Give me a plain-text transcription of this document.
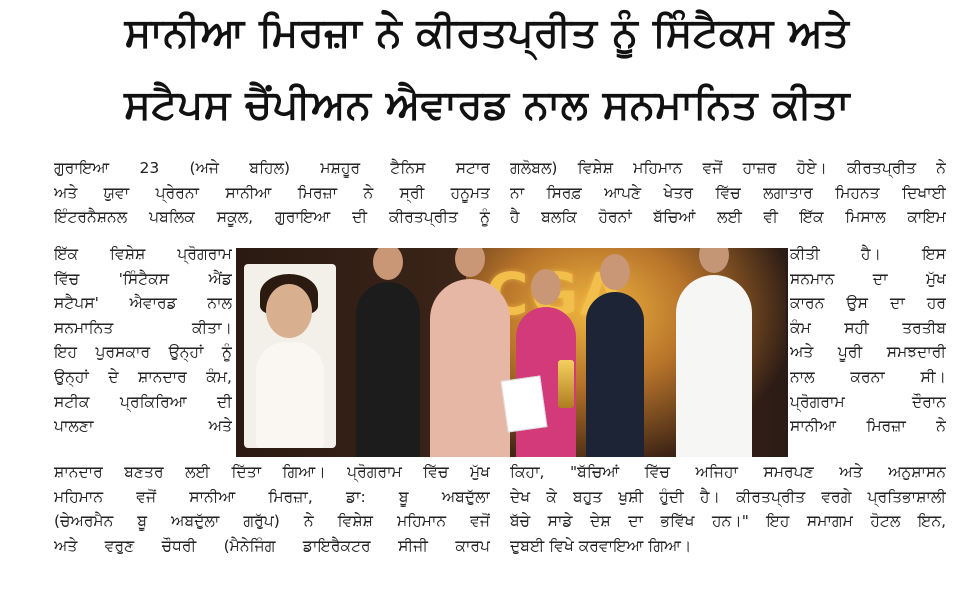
ਸਾਨੀਆ ਮਿਰਜ਼ਾ ਨੇ ਕੀਰਤਪ੍ਰੀਤ ਨੂੰ ਸਿੰਟੈਕਸ ਅਤੇ
ਸਟੈਪਸ ਚੈਂਪੀਅਨ ਐਵਾਰਡ ਨਾਲ ਸਨਮਾਨਿਤ ਕੀਤਾ
ਗੁਰਾਇਆ 23 (ਅਜੇ ਬਹਿਲ) ਮਸ਼ਹੂਰ ਟੈਨਿਸ ਸਟਾਰ
ਅਤੇ ਯੁਵਾ ਪ੍ਰੇਰਨਾ ਸਾਨੀਆ ਮਿਰਜ਼ਾ ਨੇ ਸ੍ਰੀ ਹਨੂਮਤ
ਇੰਟਰਨੈਸ਼ਨਲ ਪਬਲਿਕ ਸਕੂਲ, ਗੁਰਾਇਆ ਦੀ ਕੀਰਤਪ੍ਰੀਤ ਨੂੰ
ਇੱਕ ਵਿਸ਼ੇਸ਼ ਪ੍ਰੋਗਰਾਮ
ਵਿੱਚ 'ਸਿੰਟੈਕਸ ਐਂਡ
ਸਟੈਪਸ' ਐਵਾਰਡ ਨਾਲ
ਸਨਮਾਨਿਤ ਕੀਤਾ।
ਇਹ ਪੁਰਸਕਾਰ ਉਨ੍ਹਾਂ ਨੂੰ
ਉਨ੍ਹਾਂ ਦੇ ਸ਼ਾਨਦਾਰ ਕੰਮ,
ਸਟੀਕ ਪ੍ਰਕਿਰਿਆ ਦੀ
ਪਾਲਣਾ ਅਤੇ
ਸ਼ਾਨਦਾਰ ਬਣਤਰ ਲਈ ਦਿੱਤਾ ਗਿਆ। ਪ੍ਰੋਗਰਾਮ ਵਿੱਚ ਮੁੱਖ
ਮਹਿਮਾਨ ਵਜੋਂ ਸਾਨੀਆ ਮਿਰਜ਼ਾ, ਡਾ: ਬੂ ਅਬਦੁੱਲਾ
(ਚੇਅਰਮੈਨ ਬੂ ਅਬਦੁੱਲਾ ਗਰੁੱਪ) ਨੇ ਵਿਸ਼ੇਸ਼ ਮਹਿਮਾਨ ਵਜੋਂ
ਅਤੇ ਵਰੁਣ ਚੌਧਰੀ (ਮੈਨੇਜਿੰਗ ਡਾਇਰੈਕਟਰ ਸੀਜੀ ਕਾਰਪ
ਗਲੋਬਲ) ਵਿਸ਼ੇਸ਼ ਮਹਿਮਾਨ ਵਜੋਂ ਹਾਜ਼ਰ ਹੋਏ। ਕੀਰਤਪ੍ਰੀਤ ਨੇ
ਨਾ ਸਿਰਫ਼ ਆਪਣੇ ਖੇਤਰ ਵਿੱਚ ਲਗਾਤਾਰ ਮਿਹਨਤ ਦਿਖਾਈ
ਹੈ ਬਲਕਿ ਹੋਰਨਾਂ ਬੱਚਿਆਂ ਲਈ ਵੀ ਇੱਕ ਮਿਸਾਲ ਕਾਇਮ
ਕੀਤੀ ਹੈ। ਇਸ
ਸਨਮਾਨ ਦਾ ਮੁੱਖ
ਕਾਰਨ ਉਸ ਦਾ ਹਰ
ਕੰਮ ਸਹੀ ਤਰਤੀਬ
ਅਤੇ ਪੂਰੀ ਸਮਝਦਾਰੀ
ਨਾਲ ਕਰਨਾ ਸੀ।
ਪ੍ਰੋਗਰਾਮ ਦੌਰਾਨ
ਸਾਨੀਆ ਮਿਰਜ਼ਾ ਨੇ
ਕਿਹਾ, "ਬੱਚਿਆਂ ਵਿੱਚ ਅਜਿਹਾ ਸਮਰਪਣ ਅਤੇ ਅਨੁਸ਼ਾਸਨ
ਦੇਖ ਕੇ ਬਹੁਤ ਖੁਸ਼ੀ ਹੁੰਦੀ ਹੈ। ਕੀਰਤਪ੍ਰੀਤ ਵਰਗੇ ਪ੍ਰਤਿਭਾਸ਼ਾਲੀ
ਬੱਚੇ ਸਾਡੇ ਦੇਸ਼ ਦਾ ਭਵਿੱਖ ਹਨ।" ਇਹ ਸਮਾਗਮ ਹੋਟਲ ਇਨ,
ਦੁਬਈ ਵਿਖੇ ਕਰਵਾਇਆ ਗਿਆ।
